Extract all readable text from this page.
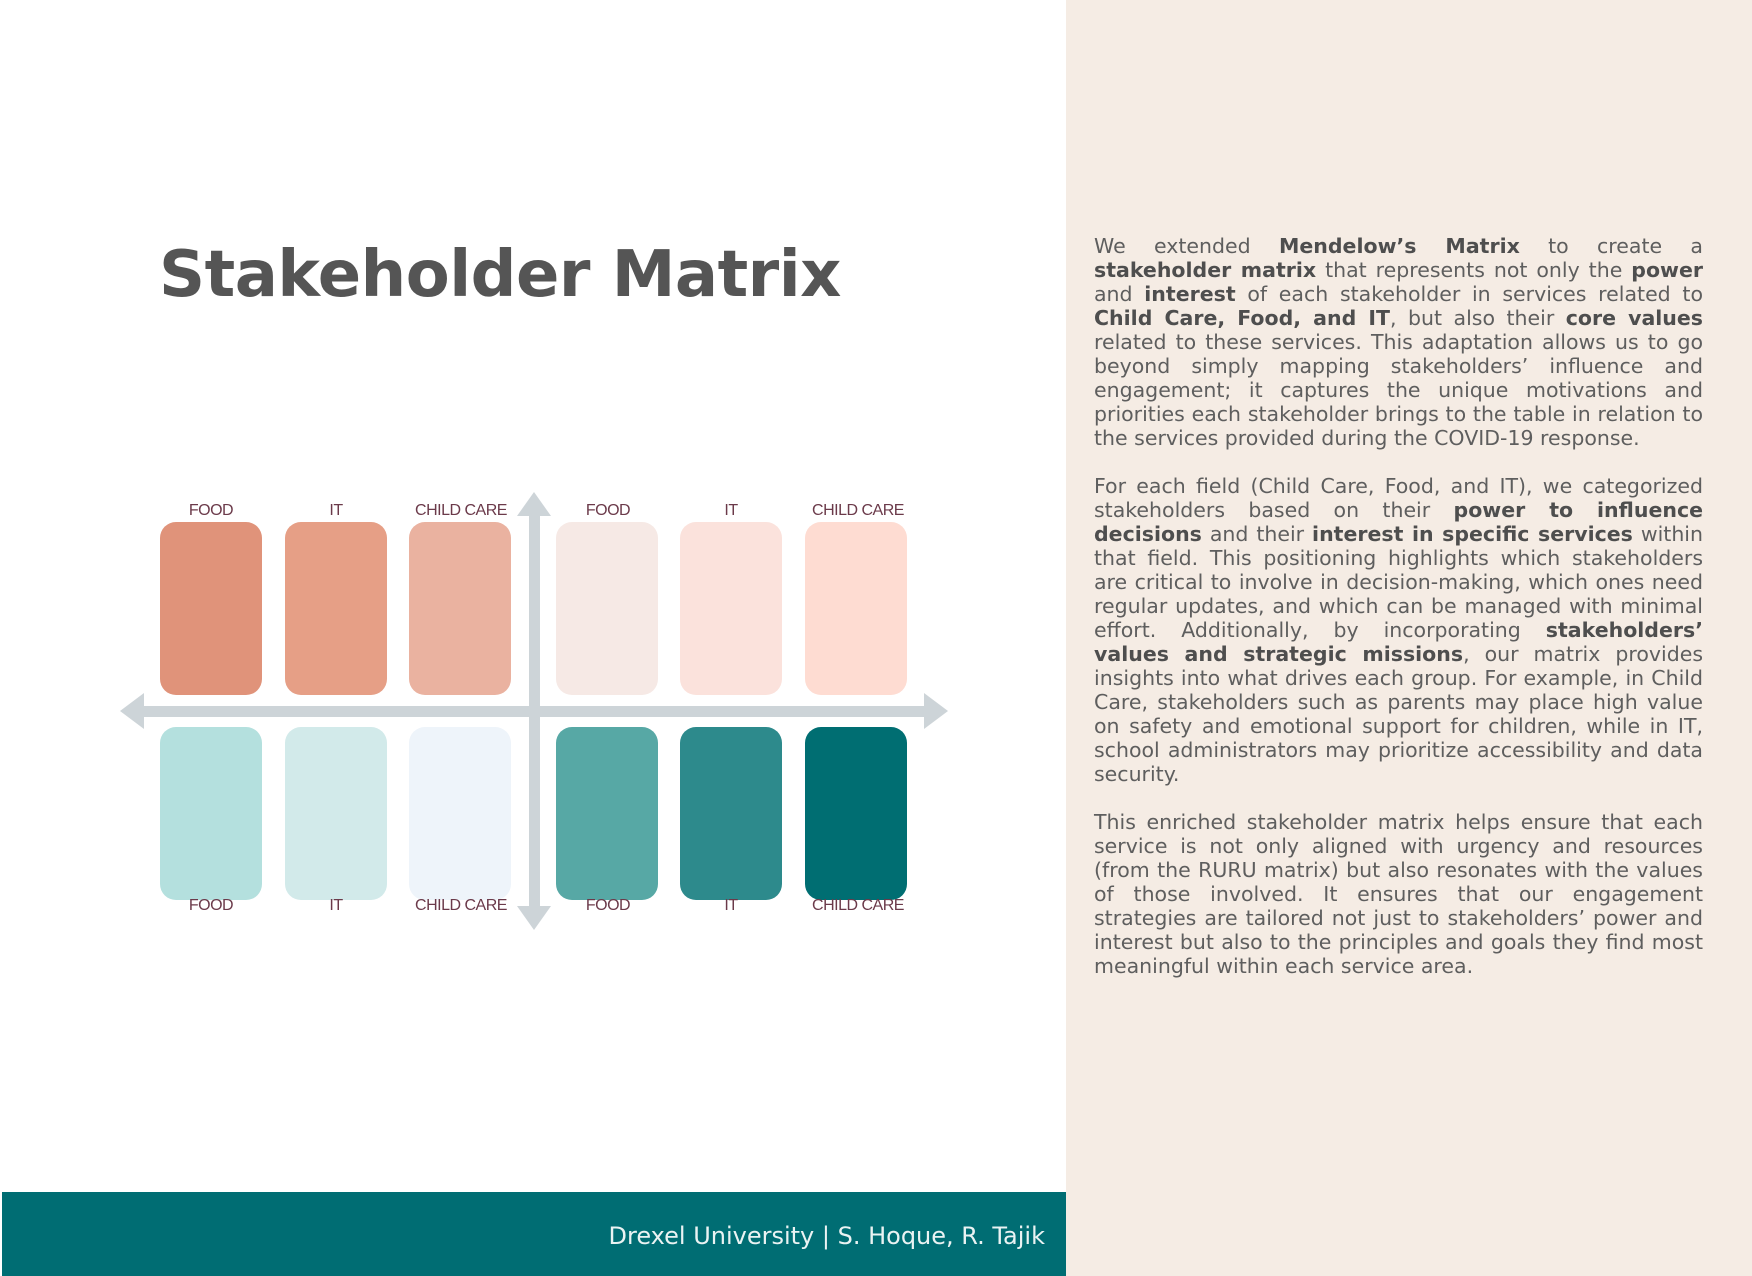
Stakeholder Matrix
FOOD	IT	CHILD CARE	FOOD	IT	CHILD CARE
FOOD	IT	CHILD CARE	FOOD	IT	CHILD CARE
Drexel University | S. Hoque, R. Tajik

We extended Mendelow’s Matrix to create a stakeholder matrix that represents not only the power and interest of each stakeholder in services related to Child Care, Food, and IT, but also their core values related to these services. This adaptation allows us to go beyond simply mapping stakeholders’ influence and engagement; it captures the unique motivations and priorities each stakeholder brings to the table in relation to the services provided during the COVID-19 response.

For each field (Child Care, Food, and IT), we categorized stakeholders based on their power to influence decisions and their interest in specific services within that field. This positioning highlights which stakeholders are critical to involve in decision-making, which ones need regular updates, and which can be managed with minimal effort. Additionally, by incorporating stakeholders’ values and strategic missions, our matrix provides insights into what drives each group. For example, in Child Care, stakeholders such as parents may place high value on safety and emotional support for children, while in IT, school administrators may prioritize accessibility and data security.

This enriched stakeholder matrix helps ensure that each service is not only aligned with urgency and resources (from the RURU matrix) but also resonates with the values of those involved. It ensures that our engagement strategies are tailored not just to stakeholders’ power and interest but also to the principles and goals they find most meaningful within each service area.
